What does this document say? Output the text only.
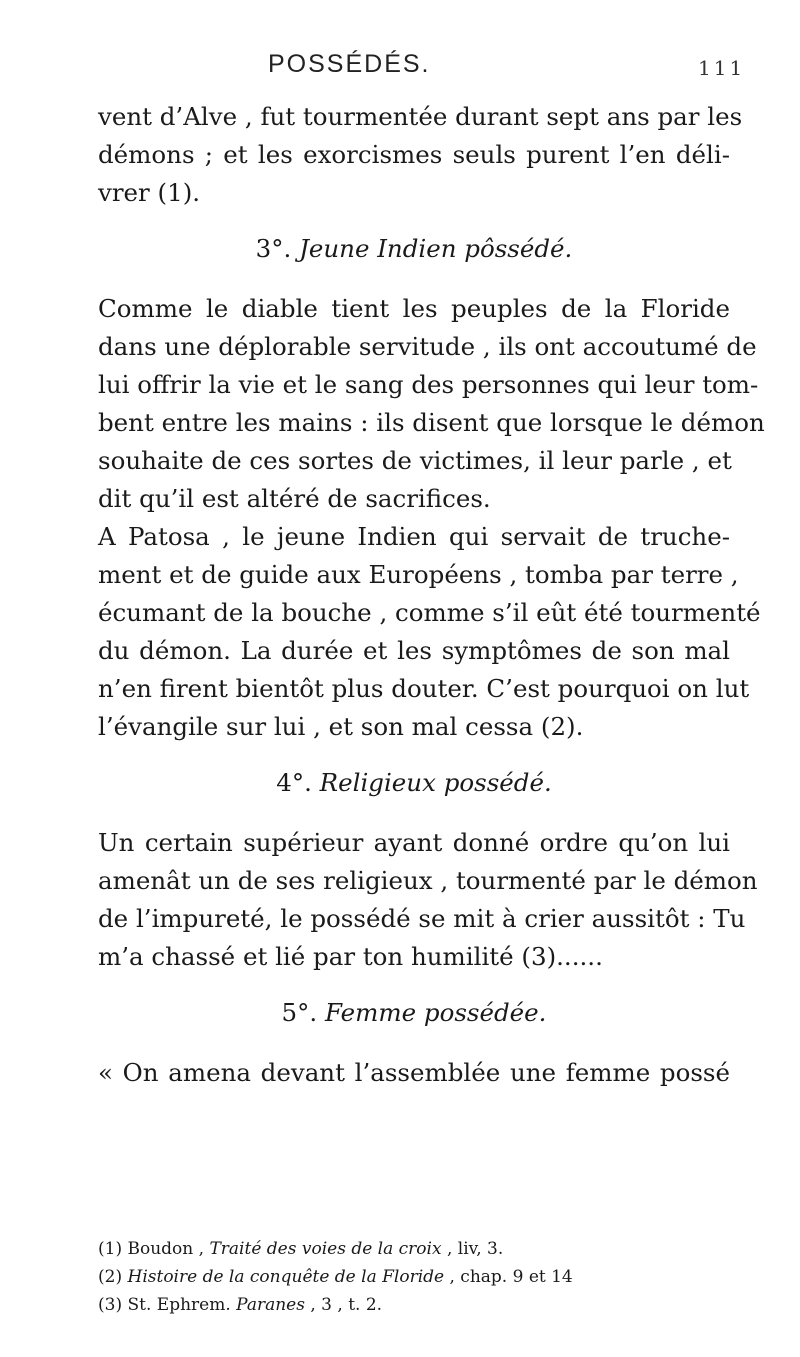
POSSÉDÉS.	111
vent d’Alve , fut tourmentée durant sept ans par les
démons ; et les exorcismes seuls purent l’en déli-
vrer (1).
3°. Jeune Indien pôssédé.
Comme le diable tient les peuples de la Floride
dans une déplorable servitude , ils ont accoutumé de
lui offrir la vie et le sang des personnes qui leur tom-
bent entre les mains : ils disent que lorsque le démon
souhaite de ces sortes de victimes, il leur parle , et
dit qu’il est altéré de sacrifices.
A Patosa , le jeune Indien qui servait de truche-
ment et de guide aux Européens , tomba par terre ,
écumant de la bouche , comme s’il eût été tourmenté
du démon. La durée et les symptômes de son mal
n’en firent bientôt plus douter. C’est pourquoi on lut
l’évangile sur lui , et son mal cessa (2).
4°. Religieux possédé.
Un certain supérieur ayant donné ordre qu’on lui
amenât un de ses religieux , tourmenté par le démon
de l’impureté, le possédé se mit à crier aussitôt : Tu
m’a chassé et lié par ton humilité (3)......
5°. Femme possédée.
« On amena devant l’assemblée une femme possé
(1) Boudon , Traité des voies de la croix , liv, 3.
(2) Histoire de la conquête de la Floride , chap. 9 et 14
(3) St. Ephrem. Paranes , 3 , t. 2.
